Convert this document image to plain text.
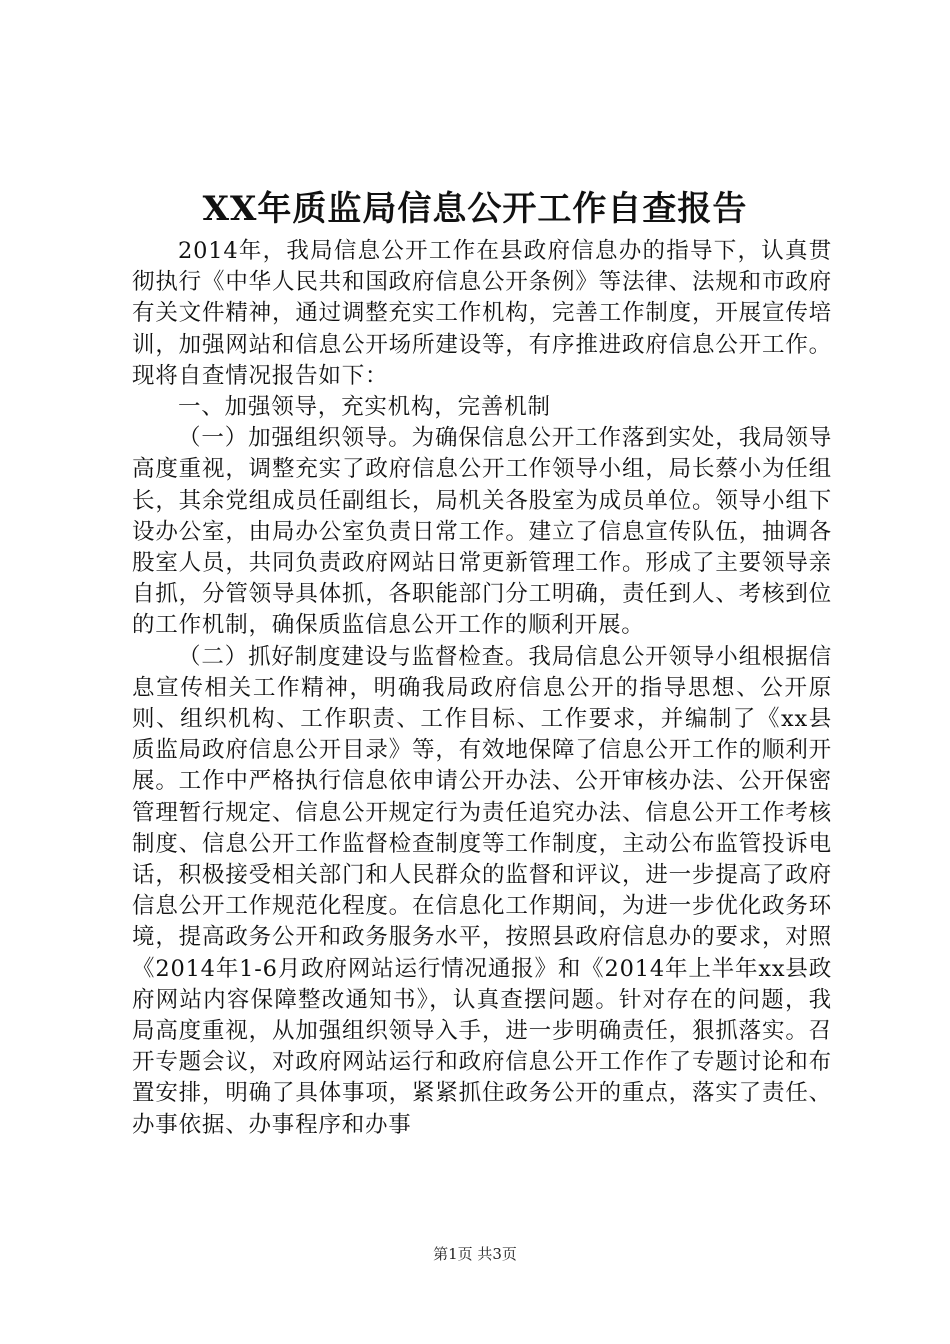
XX年质监局信息公开工作自查报告

2014年，我局信息公开工作在县政府信息办的指导下，认真贯彻执行《中华人民共和国政府信息公开条例》等法律、法规和市政府有关文件精神，通过调整充实工作机构，完善工作制度，开展宣传培训，加强网站和信息公开场所建设等，有序推进政府信息公开工作。现将自查情况报告如下：

一、加强领导，充实机构，完善机制

（一）加强组织领导。为确保信息公开工作落到实处，我局领导高度重视，调整充实了政府信息公开工作领导小组，局长蔡小为任组长，其余党组成员任副组长，局机关各股室为成员单位。领导小组下设办公室，由局办公室负责日常工作。建立了信息宣传队伍，抽调各股室人员，共同负责政府网站日常更新管理工作。形成了主要领导亲自抓，分管领导具体抓，各职能部门分工明确，责任到人、考核到位的工作机制，确保质监信息公开工作的顺利开展。

（二）抓好制度建设与监督检查。我局信息公开领导小组根据信息宣传相关工作精神，明确我局政府信息公开的指导思想、公开原则、组织机构、工作职责、工作目标、工作要求，并编制了《xx县质监局政府信息公开目录》等，有效地保障了信息公开工作的顺利开展。工作中严格执行信息依申请公开办法、公开审核办法、公开保密管理暂行规定、信息公开规定行为责任追究办法、信息公开工作考核制度、信息公开工作监督检查制度等工作制度，主动公布监管投诉电话，积极接受相关部门和人民群众的监督和评议，进一步提高了政府信息公开工作规范化程度。在信息化工作期间，为进一步优化政务环境，提高政务公开和政务服务水平，按照县政府信息办的要求，对照《2014年1-6月政府网站运行情况通报》和《2014年上半年xx县政府网站内容保障整改通知书》，认真查摆问题。针对存在的问题，我局高度重视，从加强组织领导入手，进一步明确责任，狠抓落实。召开专题会议，对政府网站运行和政府信息公开工作作了专题讨论和布置安排，明确了具体事项，紧紧抓住政务公开的重点，落实了责任、办事依据、办事程序和办事

第1页 共3页
